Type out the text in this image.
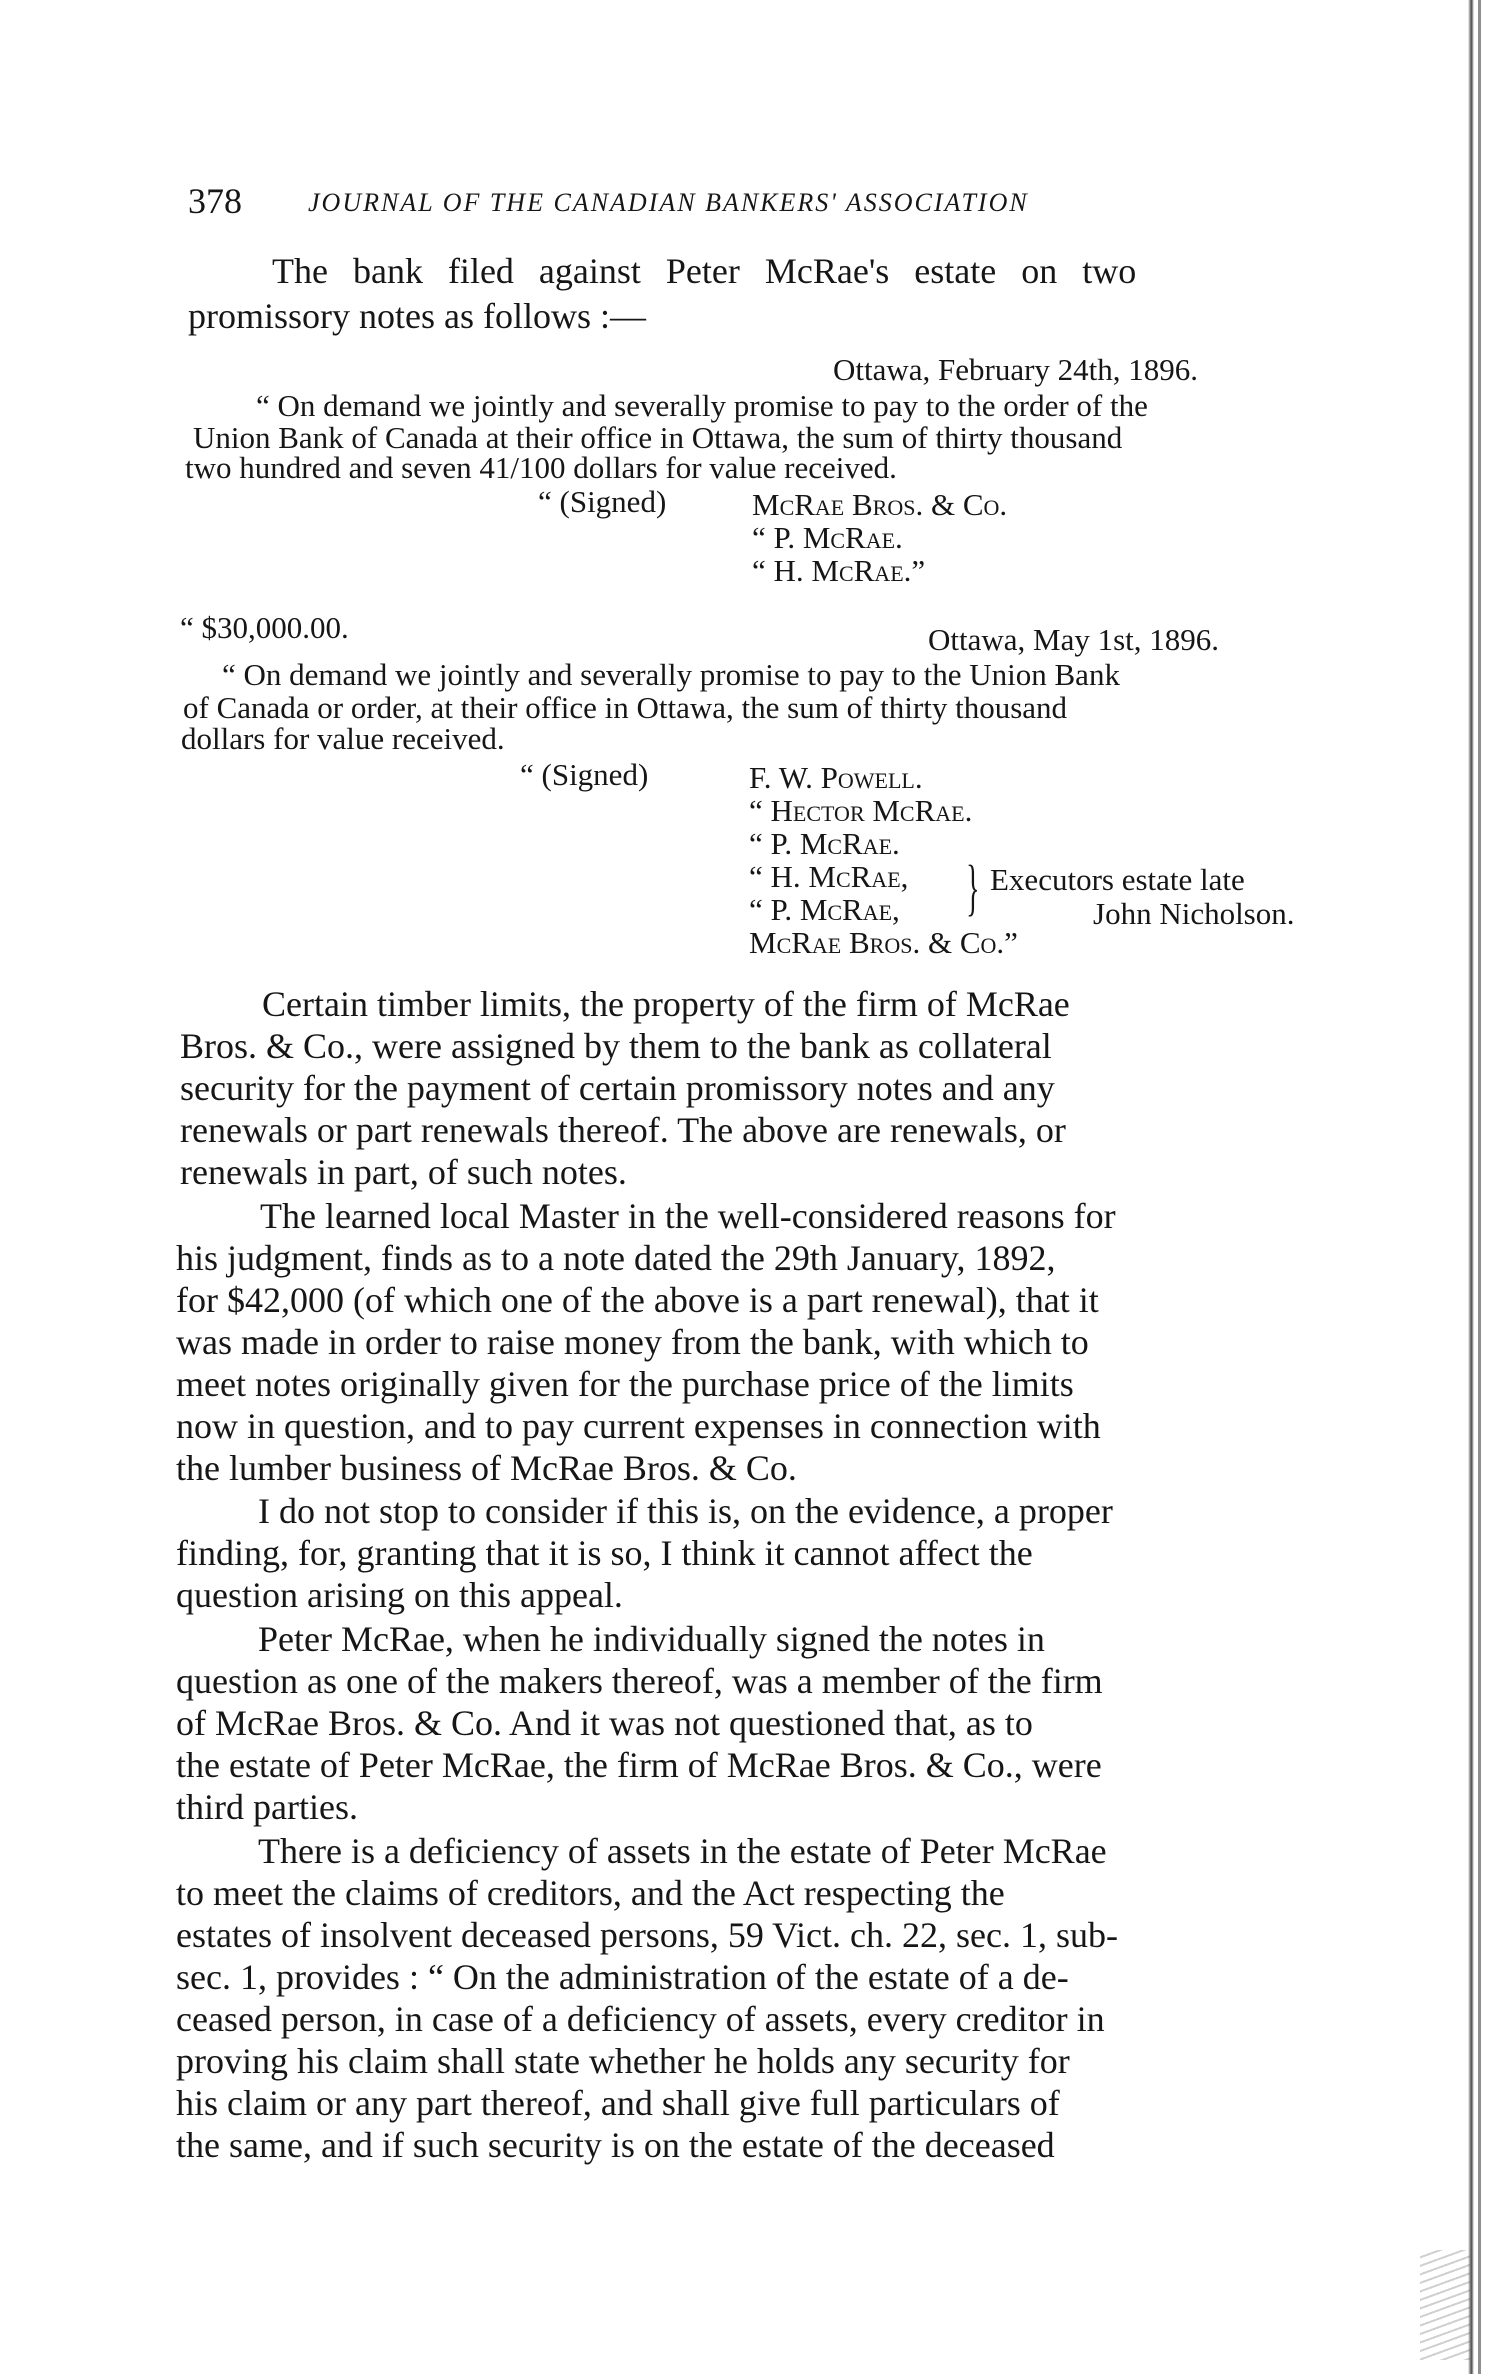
378	JOURNAL OF THE CANADIAN BANKERS' ASSOCIATION
The bank filed against Peter McRae's estate on two
promissory notes as follows :—
Ottawa, February 24th, 1896.
“ On demand we jointly and severally promise to pay to the order of the
Union Bank of Canada at their office in Ottawa, the sum of thirty thousand
two hundred and seven 41/100 dollars for value received.
“ (Signed)	McRae Bros. & Co.
“ P. McRae.
“ H. McRae.”
“ $30,000.00.	Ottawa, May 1st, 1896.
“ On demand we jointly and severally promise to pay to the Union Bank
of Canada or order, at their office in Ottawa, the sum of thirty thousand
dollars for value received.
“ (Signed)	F. W. Powell.
“ Hector McRae.
“ P. McRae.
“ H. McRae,
“ P. McRae,
McRae Bros. & Co.”
} Executors estate late
John Nicholson.
Certain timber limits, the property of the firm of McRae
Bros. & Co., were assigned by them to the bank as collateral
security for the payment of certain promissory notes and any
renewals or part renewals thereof. The above are renewals, or
renewals in part, of such notes.
The learned local Master in the well-considered reasons for
his judgment, finds as to a note dated the 29th January, 1892,
for $42,000 (of which one of the above is a part renewal), that it
was made in order to raise money from the bank, with which to
meet notes originally given for the purchase price of the limits
now in question, and to pay current expenses in connection with
the lumber business of McRae Bros. & Co.
I do not stop to consider if this is, on the evidence, a proper
finding, for, granting that it is so, I think it cannot affect the
question arising on this appeal.
Peter McRae, when he individually signed the notes in
question as one of the makers thereof, was a member of the firm
of McRae Bros. & Co. And it was not questioned that, as to
the estate of Peter McRae, the firm of McRae Bros. & Co., were
third parties.
There is a deficiency of assets in the estate of Peter McRae
to meet the claims of creditors, and the Act respecting the
estates of insolvent deceased persons, 59 Vict. ch. 22, sec. 1, sub-
sec. 1, provides : “ On the administration of the estate of a de-
ceased person, in case of a deficiency of assets, every creditor in
proving his claim shall state whether he holds any security for
his claim or any part thereof, and shall give full particulars of
the same, and if such security is on the estate of the deceased
